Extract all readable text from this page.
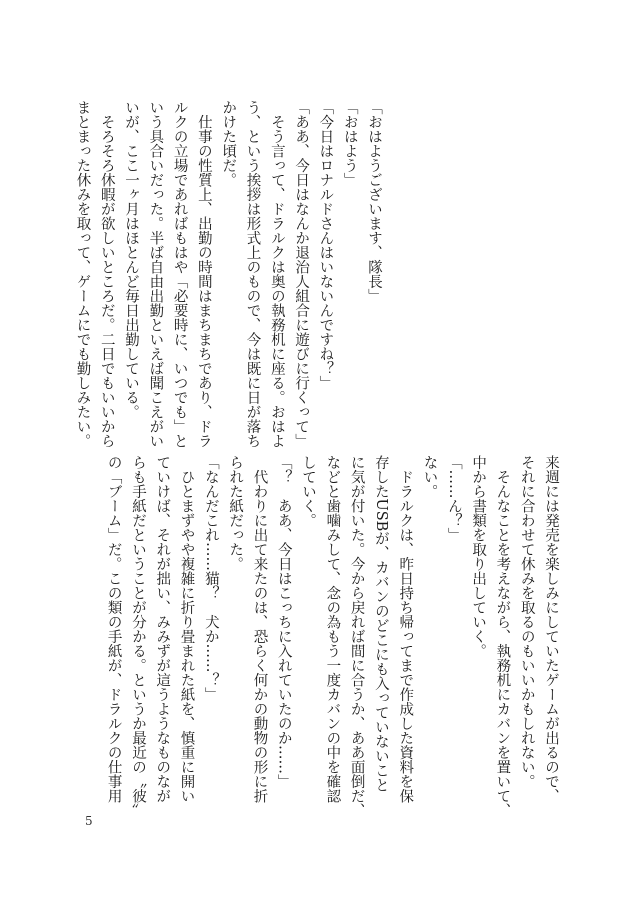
「おはようございます、隊長」
「おはよう」
「今日はロナルドさんはいないんですね？」
「ああ、今日はなんか退治人組合に遊びに行くって」
　そう言って、ドラルクは奥の執務机に座る。おはよ
う、という挨拶は形式上のもので、今は既に日が落ち
かけた頃だ。
　仕事の性質上、出勤の時間はまちまちであり、ドラ
ルクの立場であればもはや「必要時に、いつでも」と
いう具合いだった。半ば自由出勤といえば聞こえがい
いが、ここ一ヶ月はほとんど毎日出勤している。
　そろそろ休暇が欲しいところだ。二日でもいいから
まとまった休みを取って、ゲームにでも勤しみたい。
来週には発売を楽しみにしていたゲームが出るので、
それに合わせて休みを取るのもいいかもしれない。
　そんなことを考えながら、執務机にカバンを置いて、
中から書類を取り出していく。
「……ん？」
ない。
　ドラルクは、昨日持ち帰ってまで作成した資料を保
存したUSBが、カバンのどこにも入っていないこと
に気が付いた。今から戻れば間に合うか、ああ面倒だ、
などと歯噛みして、念の為もう一度カバンの中を確認
していく。
「？　ああ、今日はこっちに入れていたのか……」
　代わりに出て来たのは、恐らく何かの動物の形に折
られた紙だった。
「なんだこれ……猫？　犬か……？」
　ひとまずやや複雑に折り畳まれた紙を、慎重に開い
ていけば、それが拙い、みみずが這うようなものなが
らも手紙だということが分かる。というか最近の〝彼〟
の「ブーム」だ。この類の手紙が、ドラルクの仕事用
5
